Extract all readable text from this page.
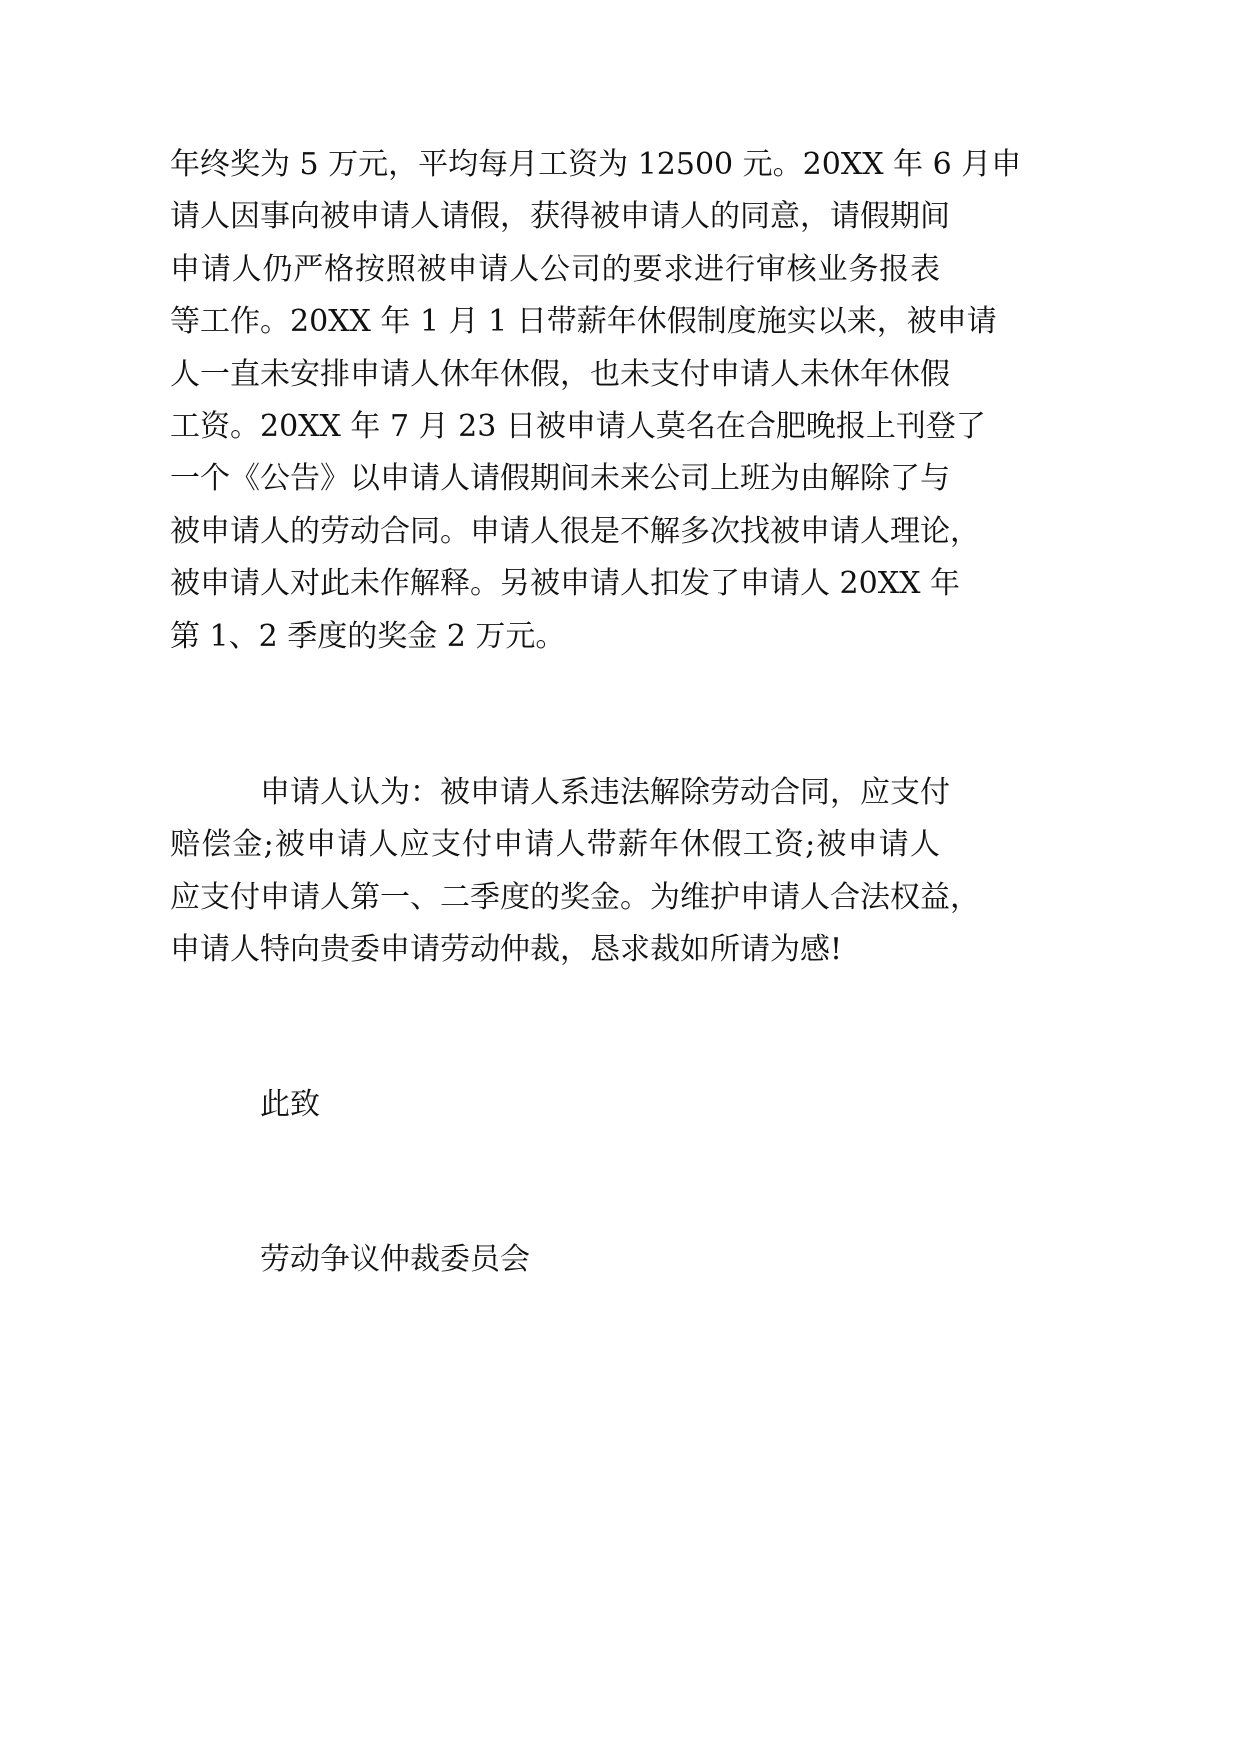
年终奖为 5 万元，平均每月工资为 12500 元。20XX 年 6 月申
请人因事向被申请人请假，获得被申请人的同意，请假期间
申请人仍严格按照被申请人公司的要求进行审核业务报表
等工作。20XX 年 1 月 1 日带薪年休假制度施实以来，被申请
人一直未安排申请人休年休假，也未支付申请人未休年休假
工资。20XX 年 7 月 23 日被申请人莫名在合肥晚报上刊登了
一个《公告》以申请人请假期间未来公司上班为由解除了与
被申请人的劳动合同。申请人很是不解多次找被申请人理论，
被申请人对此未作解释。另被申请人扣发了申请人 20XX 年
第 1、2 季度的奖金 2 万元。
申请人认为：被申请人系违法解除劳动合同，应支付
赔偿金;被申请人应支付申请人带薪年休假工资;被申请人
应支付申请人第一、二季度的奖金。为维护申请人合法权益，
申请人特向贵委申请劳动仲裁，恳求裁如所请为感!
此致
劳动争议仲裁委员会
